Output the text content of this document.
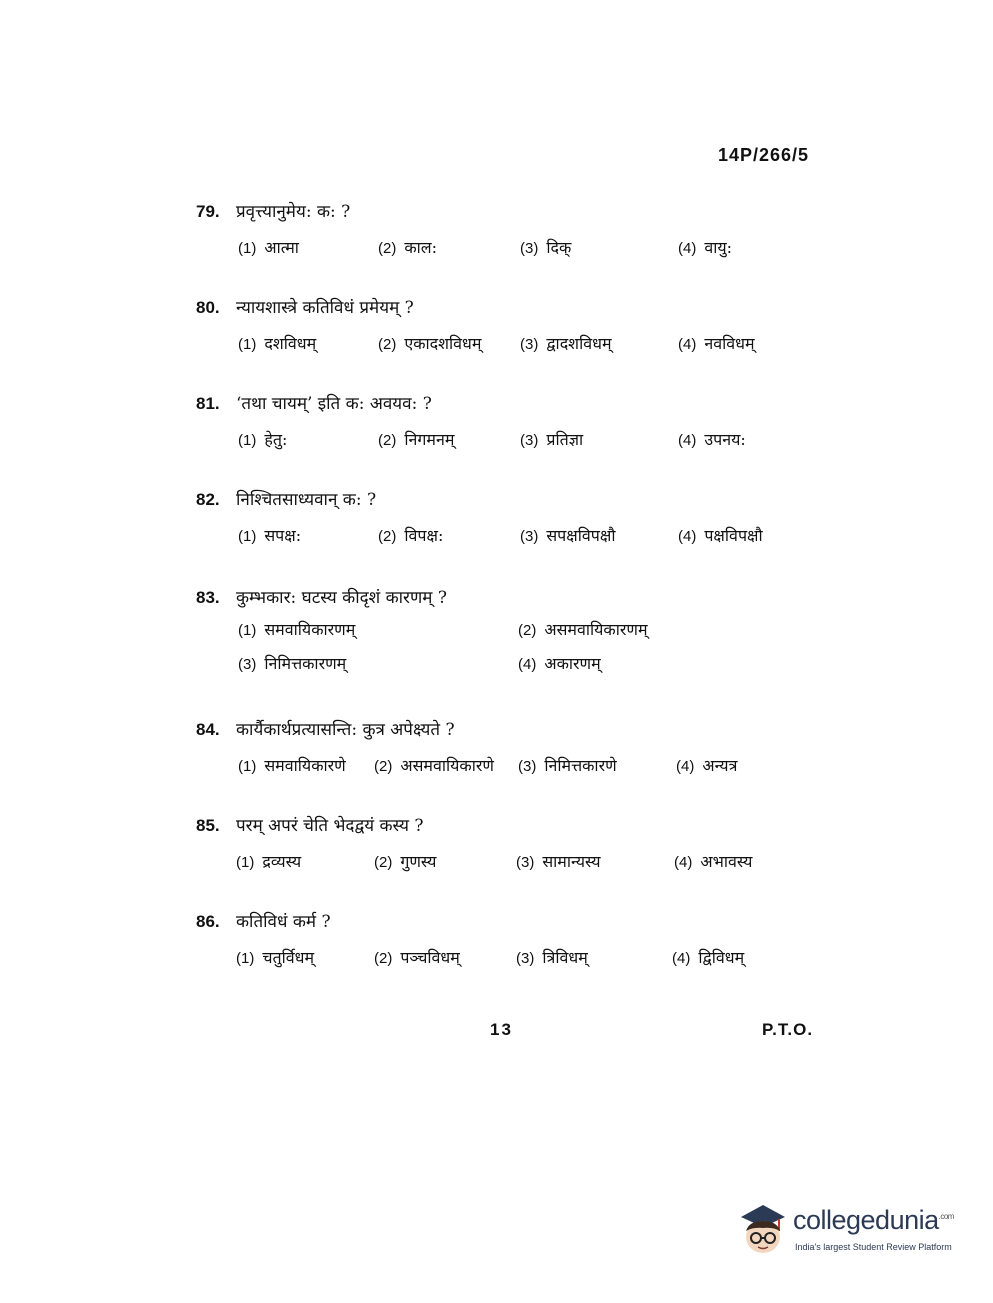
14P/266/5
79. प्रवृत्त्यानुमेय: क: ?
(1) आत्मा	(2) काल:	(3) दिक्	(4) वायु:
80. न्यायशास्त्रे कतिविधं प्रमेयम् ?
(1) दशविधम्	(2) एकादशविधम्	(3) द्वादशविधम्	(4) नवविधम्
81. ‘तथा चायम्’ इति क: अवयव: ?
(1) हेतु:	(2) निगमनम्	(3) प्रतिज्ञा	(4) उपनय:
82. निश्चितसाध्यवान् क: ?
(1) सपक्ष:	(2) विपक्ष:	(3) सपक्षविपक्षौ	(4) पक्षविपक्षौ
83. कुम्भकार: घटस्य कीदृशं कारणम् ?
(1) समवायिकारणम्	(2) असमवायिकारणम्
(3) निमित्तकारणम्	(4) अकारणम्
84. कार्यैकार्थप्रत्यासन्ति: कुत्र अपेक्ष्यते ?
(1) समवायिकारणे (2) असमवायिकारणे (3) निमित्तकारणे	(4) अन्यत्र
85. परम् अपरं चेति भेदद्वयं कस्य ?
(1) द्रव्यस्य	(2) गुणस्य	(3) सामान्यस्य	(4) अभावस्य
86. कतिविधं कर्म ?
(1) चतुर्विधम्	(2) पञ्चविधम्	(3) त्रिविधम्	(4) द्विविधम्
13	P.T.O.
collegedunia$^{.com}$
India's largest Student Review Platform
